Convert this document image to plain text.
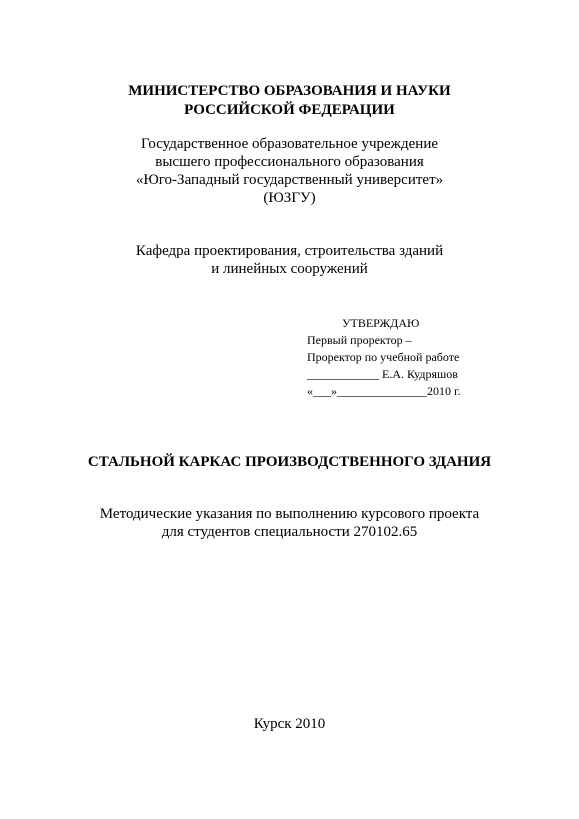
МИНИСТЕРСТВО ОБРАЗОВАНИЯ И НАУКИ
РОССИЙСКОЙ ФЕДЕРАЦИИ
Государственное образовательное учреждение
высшего профессионального образования
«Юго-Западный государственный университет»
(ЮЗГУ)
Кафедра проектирования, строительства зданий
и линейных сооружений
УТВЕРЖДАЮ
Первый проректор –
Проректор по учебной работе
____________ Е.А. Кудряшов
«___»_______________2010 г.
СТАЛЬНОЙ КАРКАС ПРОИЗВОДСТВЕННОГО ЗДАНИЯ
Методические указания по выполнению курсового проекта
для студентов специальности 270102.65
Курск 2010
